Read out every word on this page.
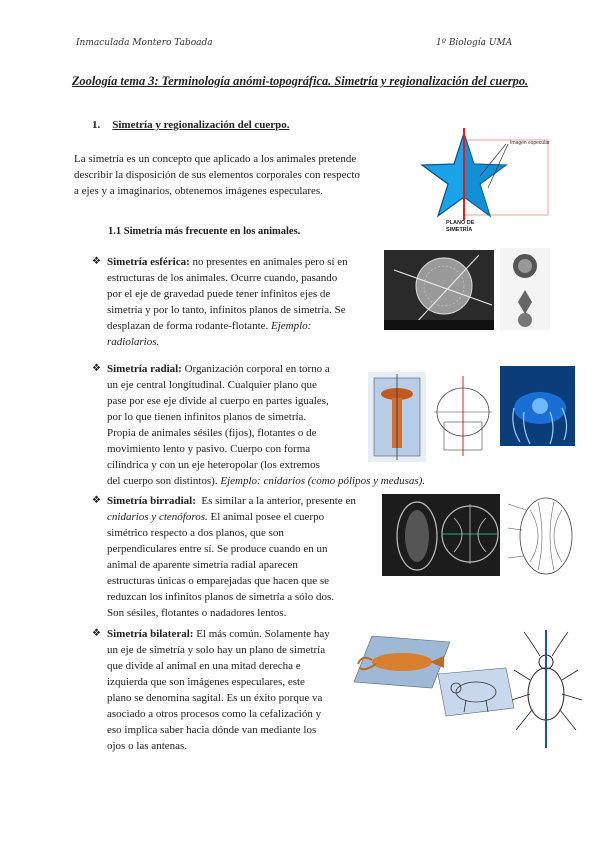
Inmaculada Montero Taboada	1º Biología UMA
Zoología tema 3: Terminología anómi-topográfica. Simetría y regionalización del cuerpo.
1. Simetría y regionalización del cuerpo.
La simetría es un concepto que aplicado a los animales pretende
describir la disposición de sus elementos corporales con respecto
a ejes y a imaginarios, obtenemos imágenes especulares.
Imagen especular
PLANO DE
SIMETRÍA
1.1 Simetría más frecuente en los animales.
❖ Simetría esférica: no presentes en animales pero sí en
estructuras de los animales. Ocurre cuando, pasando
por el eje de gravedad puede tener infinitos ejes de
simetría y por lo tanto, infinitos planos de simetría. Se
desplazan de forma rodante-flotante. Ejemplo:
radiolarios.
❖ Simetría radial: Organización corporal en torno a
un eje central longitudinal. Cualquier plano que
pase por ese eje divide al cuerpo en partes iguales,
por lo que tienen infinitos planos de simetría.
Propia de animales sésiles (fijos), flotantes o de
movimiento lento y pasivo. Cuerpo con forma
cilíndrica y con un eje heteropolar (los extremos
del cuerpo son distintos). Ejemplo: cnidarios (como pólipos y medusas).
❖ Simetría birradial: Es similar a la anterior, presente en
cnidarios y ctenóforos. El animal posee el cuerpo
simétrico respecto a dos planos, que son
perpendiculares entre sí. Se produce cuando en un
animal de aparente simetría radial aparecen
estructuras únicas o emparejadas que hacen que se
reduzcan los infinitos planos de simetría a sólo dos.
Son sésiles, flotantes o nadadores lentos.
❖ Simetría bilateral: El más común. Solamente hay
un eje de simetría y solo hay un plano de simetría
que divide al animal en una mitad derecha e
izquierda que son imágenes especulares, este
plano se denomina sagital. Es un éxito porque va
asociado a otros procesos como la cefalización y
eso implica saber hacia dónde van mediante los
ojos o las antenas.
